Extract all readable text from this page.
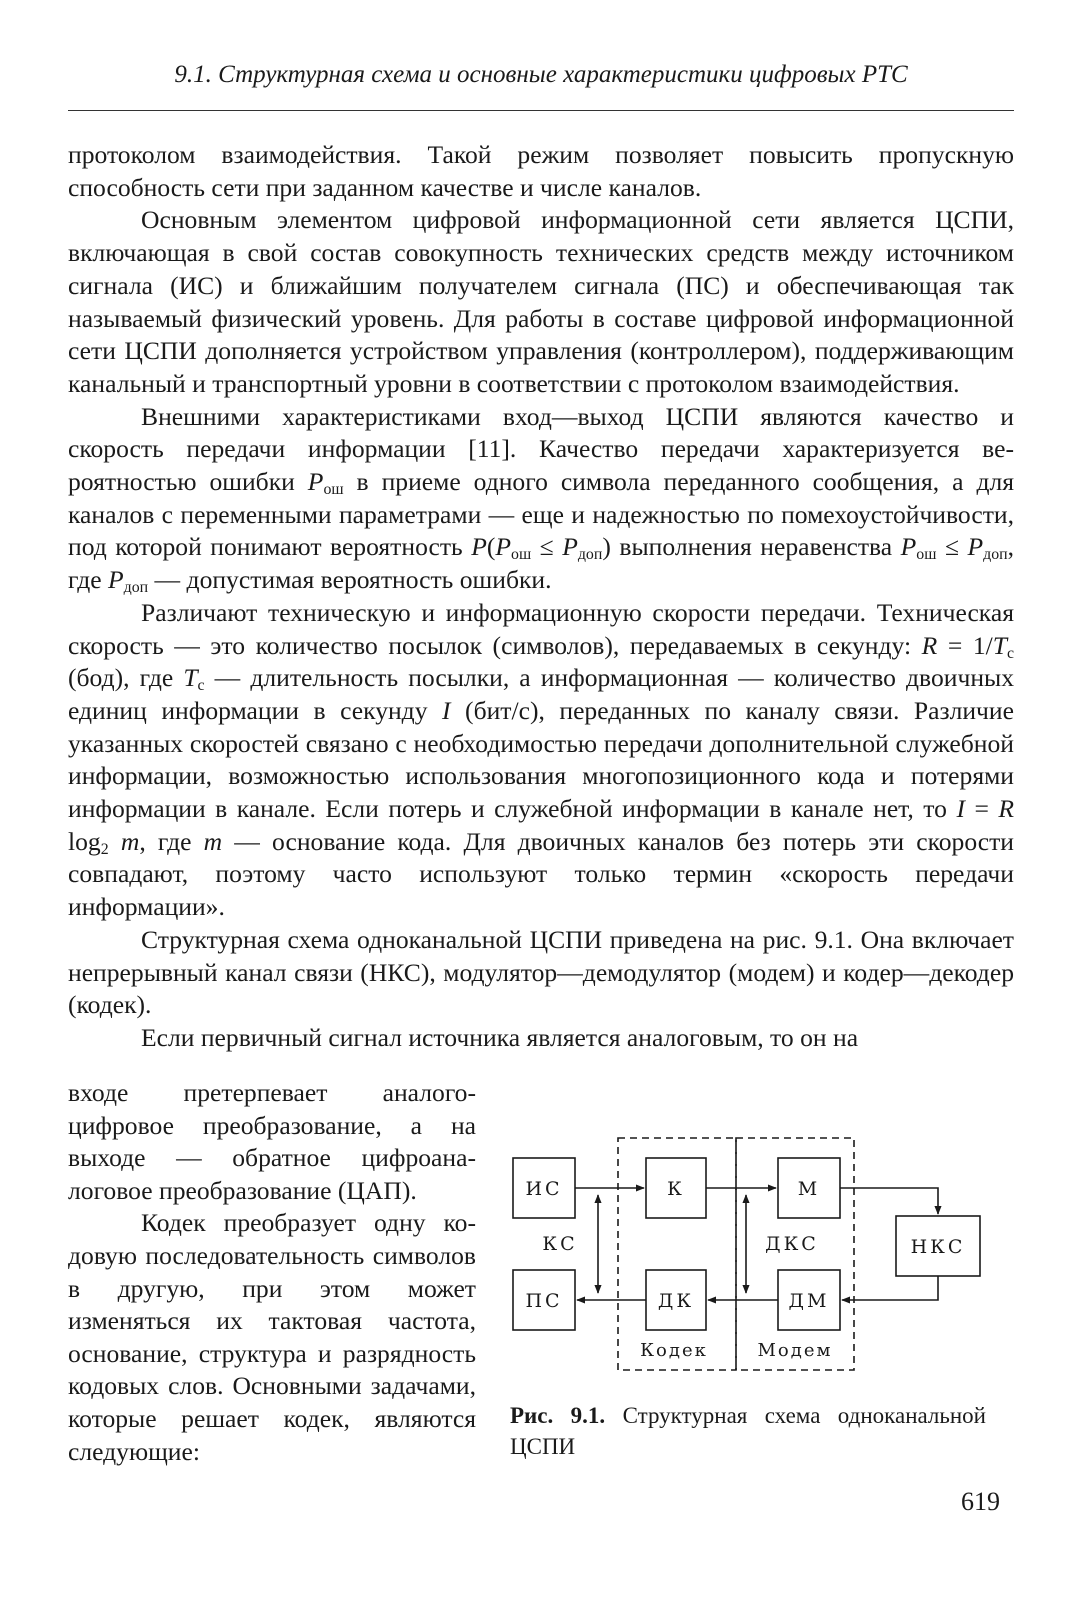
9.1. Структурная схема и основные характеристики цифровых РТС

протоколом взаимодействия. Такой режим позволяет повысить пропускную способность сети при заданном качестве и числе каналов.

Основным элементом цифровой информационной сети является ЦСПИ, включающая в свой состав совокупность технических средств между источником сигнала (ИС) и ближайшим получателем сигнала (ПС) и обеспечивающая так называемый физический уровень. Для работы в составе цифровой информационной сети ЦСПИ дополняется устройством управления (контроллером), поддерживающим канальный и транспортный уровни в соответствии с протоколом взаимодействия.

Внешними характеристиками вход—выход ЦСПИ являются качество и скорость передачи информации [11]. Качество передачи характеризуется вероятностью ошибки $P_{ош}$ в приеме одного символа переданного сообщения, а для каналов с переменными параметрами — еще и надежностью по помехоустойчивости, под которой понимают вероятность $P(P_{ош} \le P_{доп})$ выполнения неравенства $P_{ош} \le P_{доп}$, где $P_{доп}$ — допустимая вероятность ошибки.

Различают техническую и информационную скорости передачи. Техническая скорость — это количество посылок (символов), передаваемых в секунду: $R = 1/T_с$ (бод), где $T_с$ — длительность посылки, а информационная — количество двоичных единиц информации в секунду I (бит/с), переданных по каналу связи. Различие указанных скоростей связано с необходимостью передачи дополнительной служебной информации, возможностью использования многопозиционного кода и потерями информации в канале. Если потерь и служебной информации в канале нет, то I = R $\log_2 m$, где m — основание кода. Для двоичных каналов без потерь эти скорости совпадают, поэтому часто используют только термин «скорость передачи информации».

Структурная схема одноканальной ЦСПИ приведена на рис. 9.1. Она включает непрерывный канал связи (НКС), модулятор—демодулятор (модем) и кодер—декодер (кодек).

Если первичный сигнал источника является аналоговым, то он на

входе претерпевает аналого-цифровое преобразование, а на выходе — обратное цифроаналоговое преобразование (ЦАП).

Кодек преобразует одну кодовую последовательность символов в другую, при этом может изменяться их тактовая частота, основание, структура и разрядность кодовых слов. Основными задачами, которые решает кодек, являются следующие:

ИС
ПС
К
ДК
М
ДМ
НКС
КС	ДКС
Кодек	Модем
Рис. 9.1. Структурная схема одноканальной ЦСПИ
619
